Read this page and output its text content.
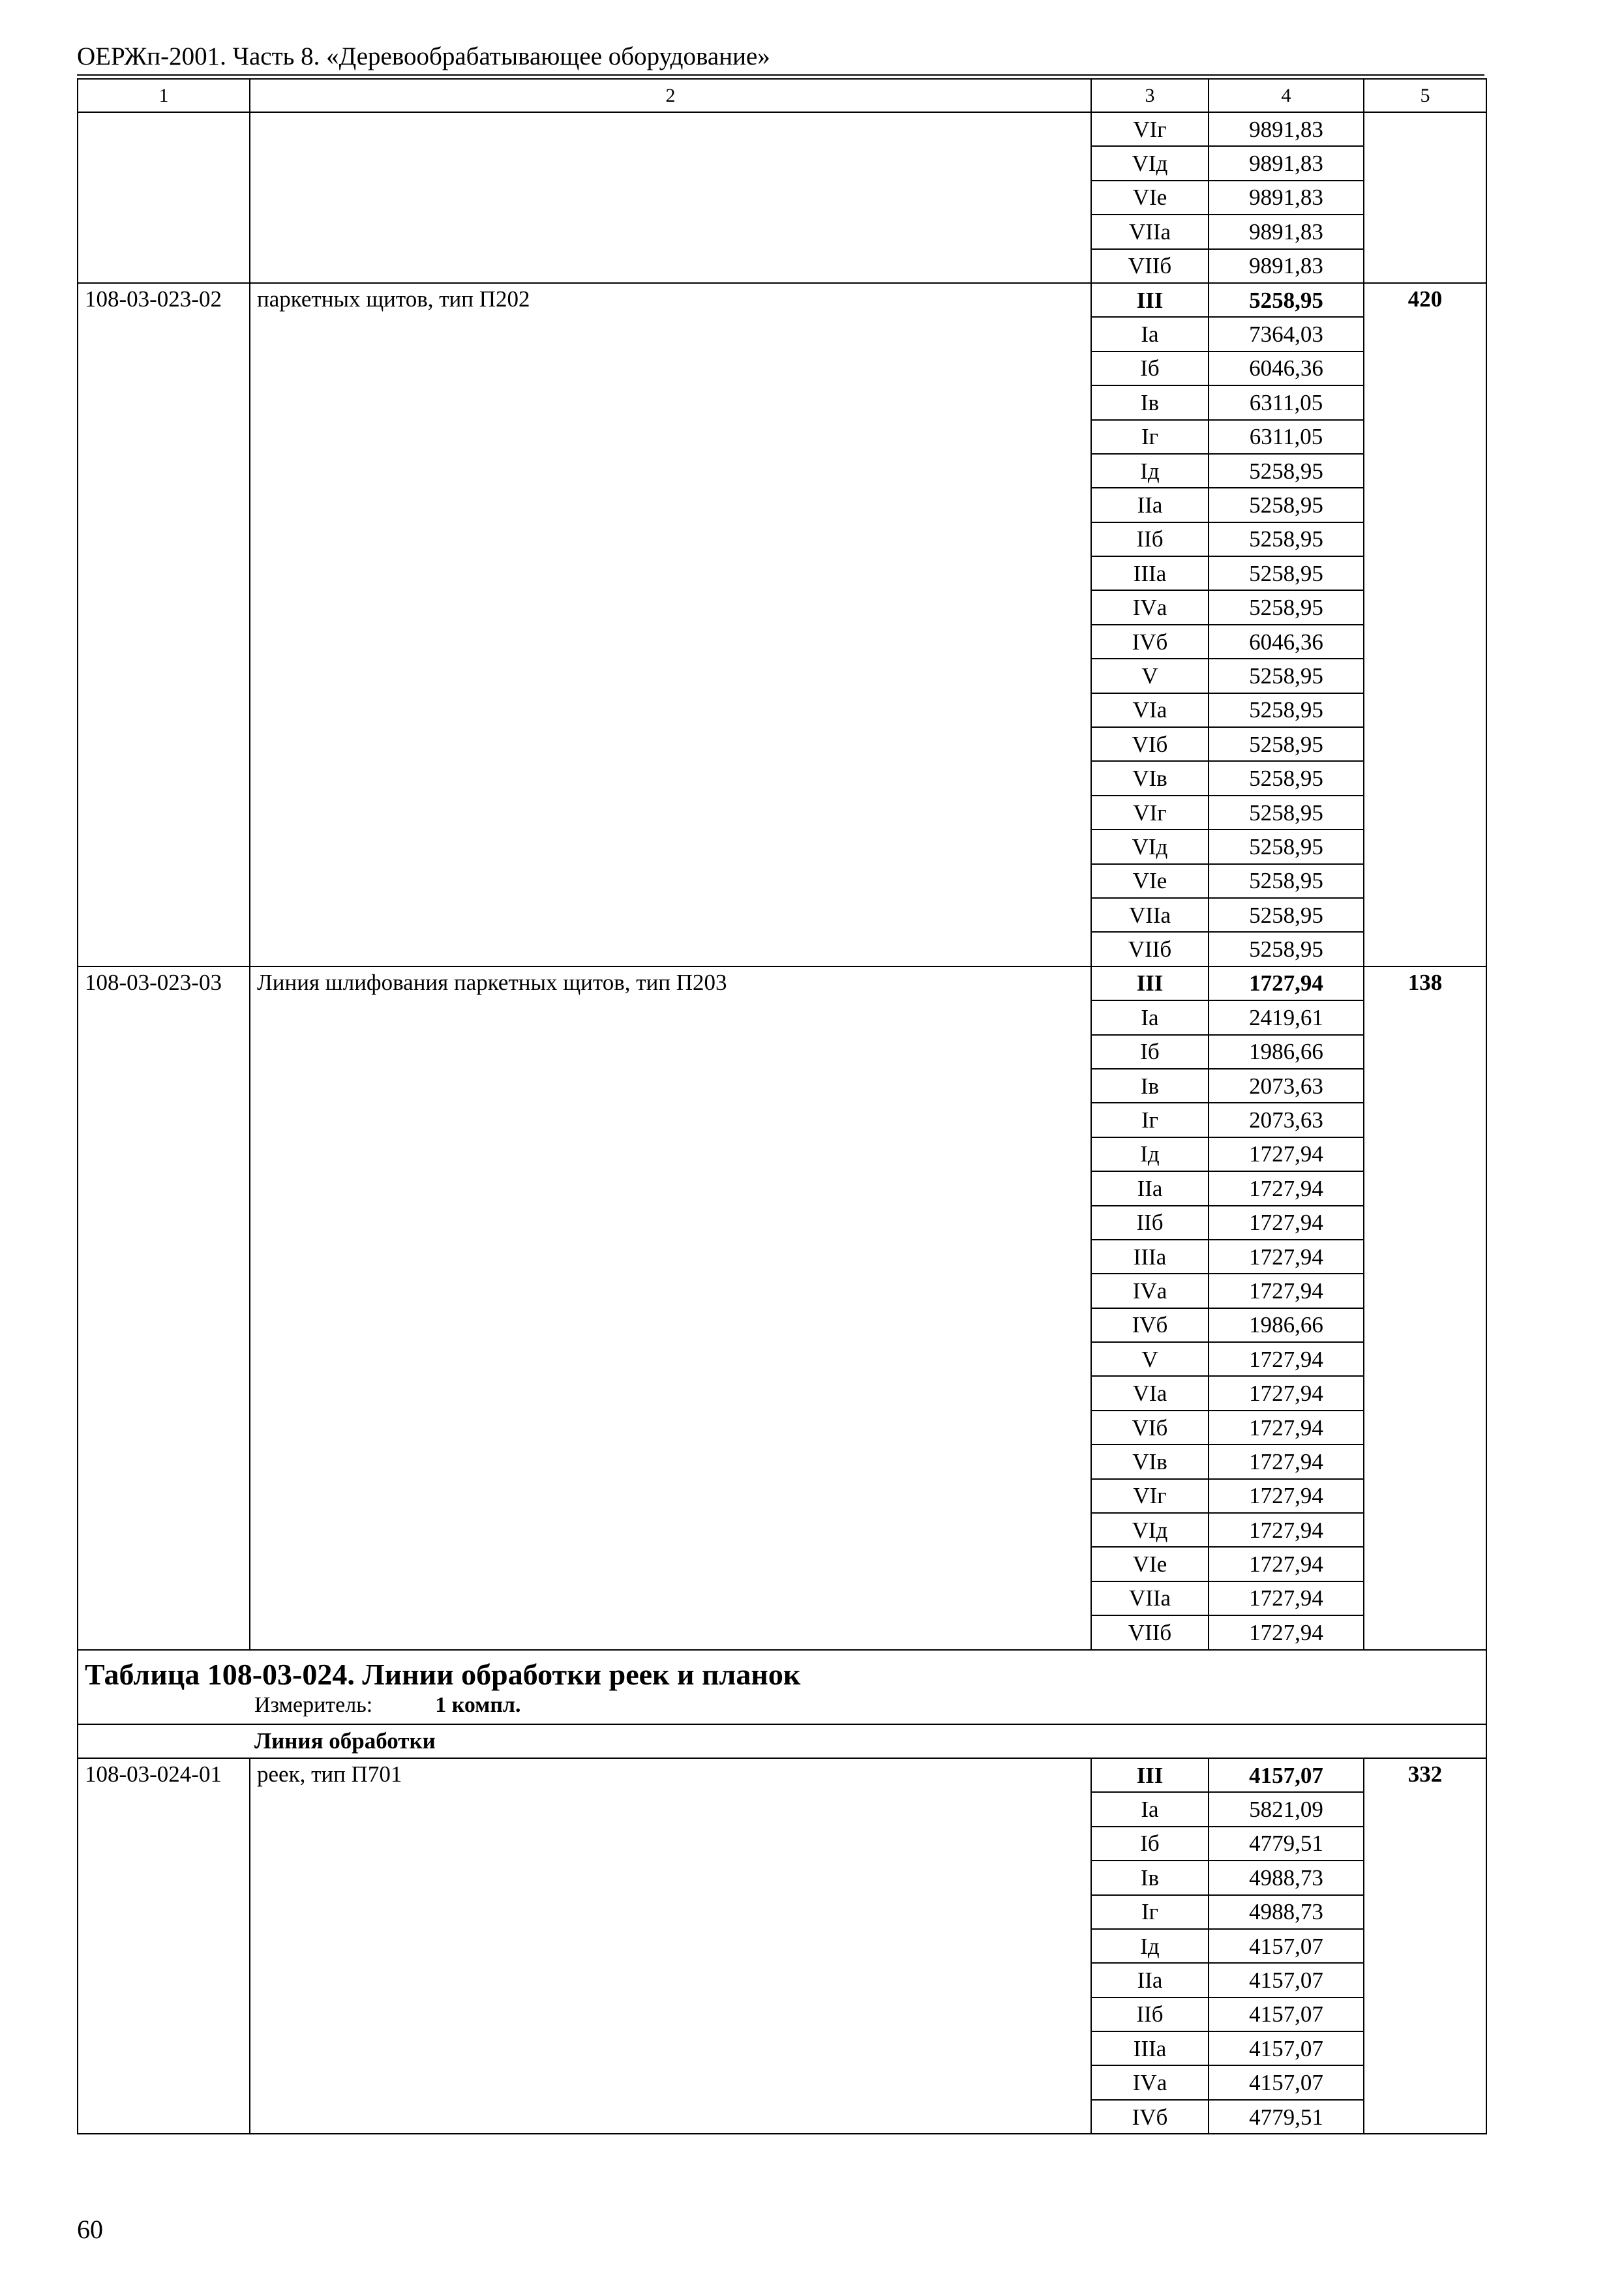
ОЕРЖп-2001. Часть 8. «Деревообрабатывающее оборудование»
1	2	3	4	5
		VIг	9891,83	
		VIд	9891,83	
		VIе	9891,83	
		VIIа	9891,83	
		VIIб	9891,83	
108-03-023-02	паркетных щитов, тип П202	III	5258,95	420
		Iа	7364,03	
		Iб	6046,36	
		Iв	6311,05	
		Iг	6311,05	
		Iд	5258,95	
		IIа	5258,95	
		IIб	5258,95	
		IIIа	5258,95	
		IVа	5258,95	
		IVб	6046,36	
		V	5258,95	
		VIа	5258,95	
		VIб	5258,95	
		VIв	5258,95	
		VIг	5258,95	
		VIд	5258,95	
		VIе	5258,95	
		VIIа	5258,95	
		VIIб	5258,95	
108-03-023-03	Линия шлифования паркетных щитов, тип П203	III	1727,94	138
		Iа	2419,61	
		Iб	1986,66	
		Iв	2073,63	
		Iг	2073,63	
		Iд	1727,94	
		IIа	1727,94	
		IIб	1727,94	
		IIIа	1727,94	
		IVа	1727,94	
		IVб	1986,66	
		V	1727,94	
		VIа	1727,94	
		VIб	1727,94	
		VIв	1727,94	
		VIг	1727,94	
		VIд	1727,94	
		VIе	1727,94	
		VIIа	1727,94	
		VIIб	1727,94	

Таблица 108-03-024. Линии обработки реек и планок
Измеритель: 1 компл.				

Линия обработки				
108-03-024-01	реек, тип П701	III	4157,07	332
		Iа	5821,09	
		Iб	4779,51	
		Iв	4988,73	
		Iг	4988,73	
		Iд	4157,07	
		IIа	4157,07	
		IIб	4157,07	
		IIIа	4157,07	
		IVа	4157,07	
		IVб	4779,51	
60
